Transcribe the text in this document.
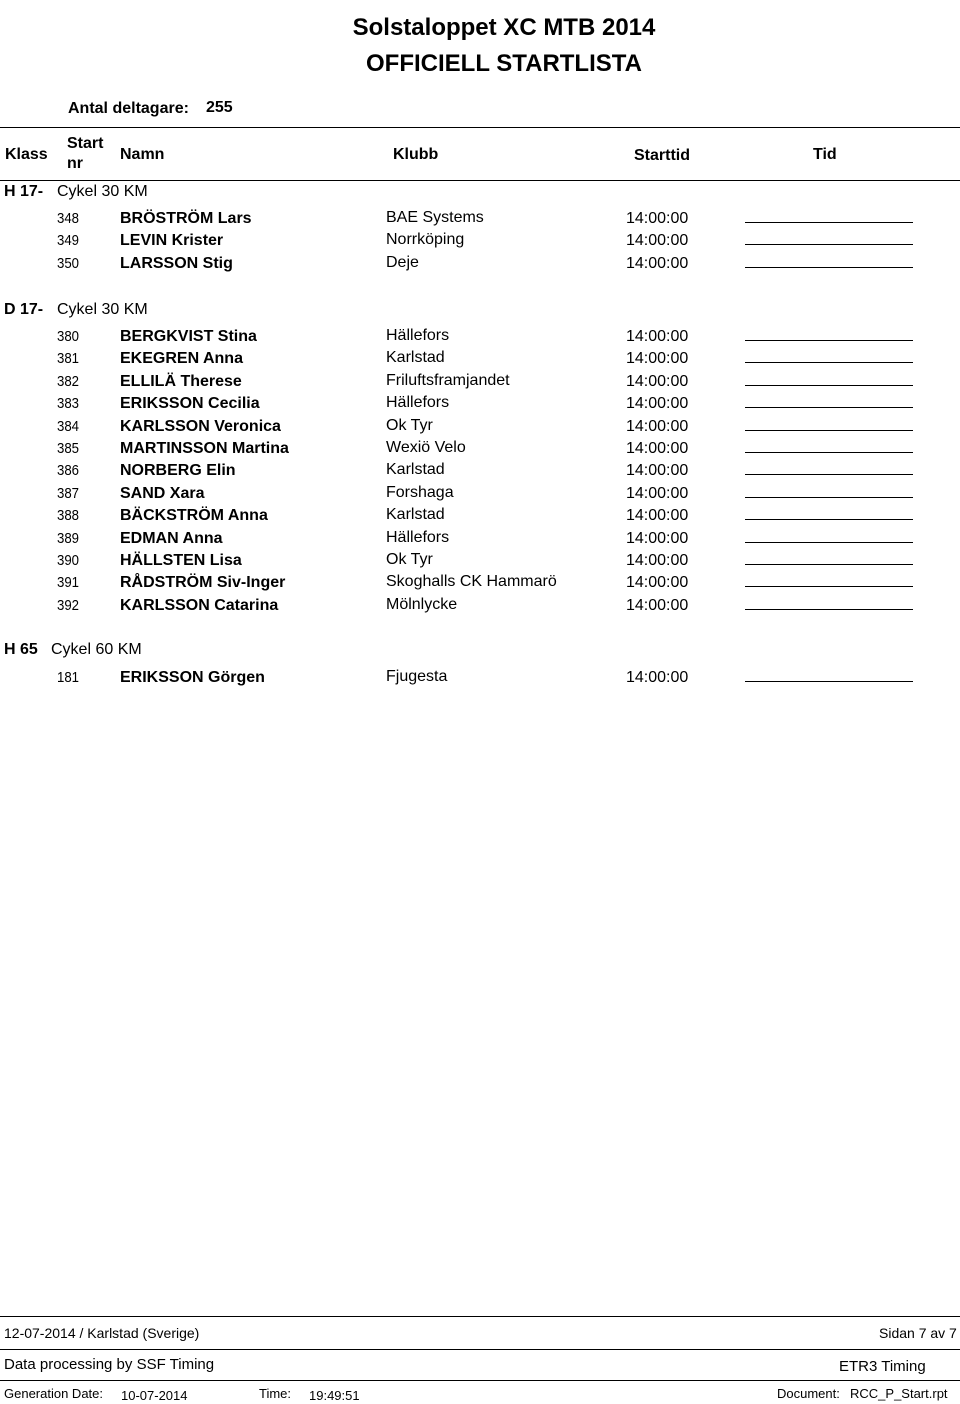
Solstaloppet XC MTB 2014
OFFICIELL STARTLISTA
Antal deltagare: 255
Klass
Start
nr
Namn	Klubb	Starttid	Tid
H 17- Cykel 30 KM
348	BRÖSTRÖM Lars	BAE Systems	14:00:00
349	LEVIN Krister	Norrköping	14:00:00
350	LARSSON Stig	Deje	14:00:00
D 17- Cykel 30 KM
380	BERGKVIST Stina	Hällefors	14:00:00
381	EKEGREN Anna	Karlstad	14:00:00
382	ELLILÄ Therese	Friluftsframjandet	14:00:00
383	ERIKSSON Cecilia	Hällefors	14:00:00
384	KARLSSON Veronica	Ok Tyr	14:00:00
385	MARTINSSON Martina	Wexiö Velo	14:00:00
386	NORBERG Elin	Karlstad	14:00:00
387	SAND Xara	Forshaga	14:00:00
388	BÄCKSTRÖM Anna	Karlstad	14:00:00
389	EDMAN Anna	Hällefors	14:00:00
390	HÄLLSTEN Lisa	Ok Tyr	14:00:00
391	RÅDSTRÖM Siv-Inger	Skoghalls CK Hammarö	14:00:00
392	KARLSSON Catarina	Mölnlycke	14:00:00
H 65 Cykel 60 KM
181	ERIKSSON Görgen	Fjugesta	14:00:00
12-07-2014 / Karlstad (Sverige)	Sidan 7 av 7
Data processing by SSF Timing	ETR3 Timing
Generation Date: 10-07-2014	Time: 19:49:51	Document: RCC_P_Start.rpt
